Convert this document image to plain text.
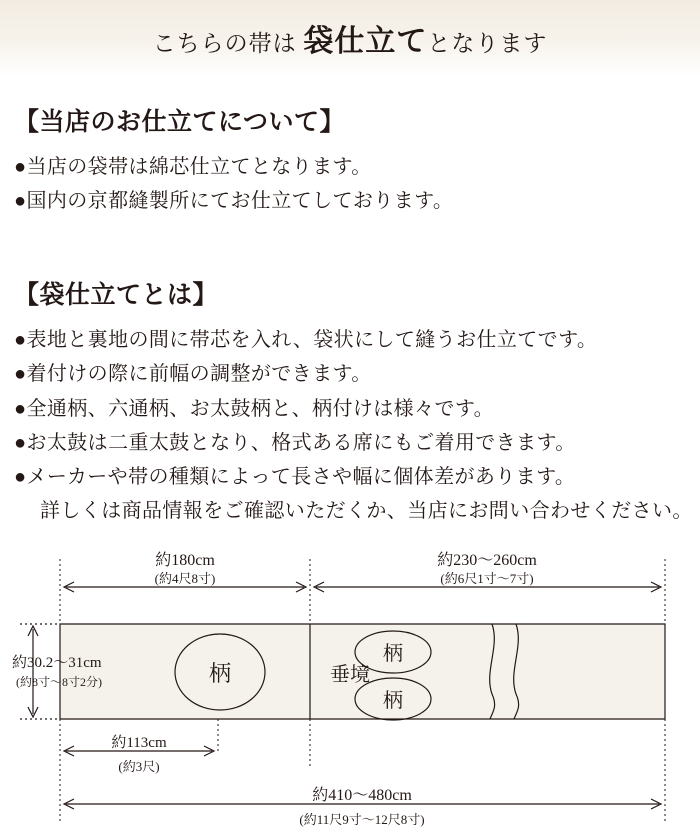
こちらの帯は 袋仕立てとなります
【当店のお仕立てについて】
●当店の袋帯は綿芯仕立てとなります。
●国内の京都縫製所にてお仕立てしております。
【袋仕立てとは】
●表地と裏地の間に帯芯を入れ、袋状にして縫うお仕立てです。
●着付けの際に前幅の調整ができます。
●全通柄、六通柄、お太鼓柄と、柄付けは様々です。
●お太鼓は二重太鼓となり、格式ある席にもご着用できます。
●メーカーや帯の種類によって長さや幅に個体差があります。
詳しくは商品情報をご確認いただくか、当店にお問い合わせください。
約180cm
(約4尺8寸)
約230〜260cm
(約6尺1寸〜7寸)
柄	垂境
柄
柄
約30.2〜31cm
(約8寸〜8寸2分)
約113cm
(約3尺)
約410〜480cm
(約11尺9寸〜12尺8寸)
